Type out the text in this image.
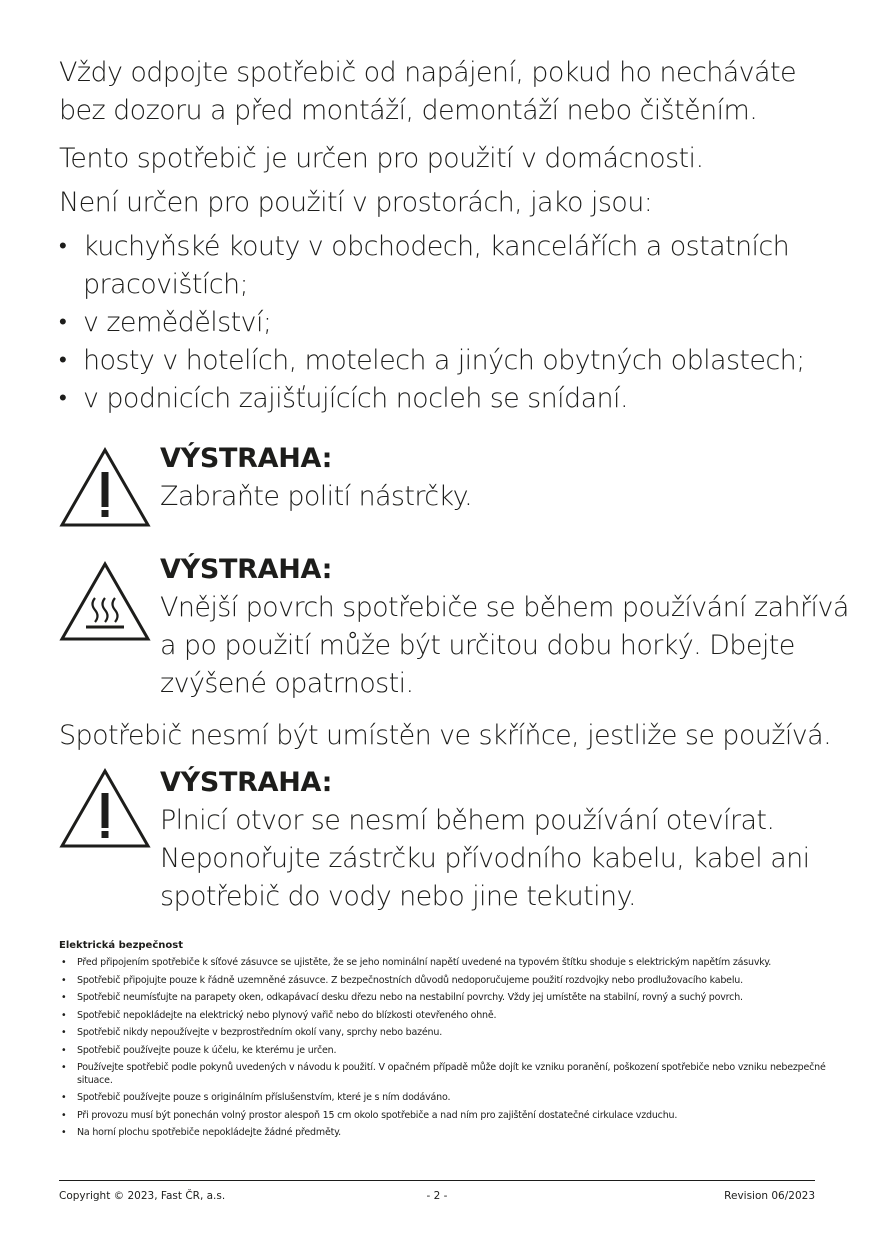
Vždy odpojte spotřebič od napájení, pokud ho necháváte bez dozoru a před montáží, demontáží nebo čištěním.
Tento spotřebič je určen pro použití v domácnosti.
Není určen pro použití v prostorách, jako jsou:
• kuchyňské kouty v obchodech, kancelářích a ostatních pracovištích;
• v zemědělství;
• hosty v hotelích, motelech a jiných obytných oblastech;
• v podnicích zajišťujících nocleh se snídaní.
VÝSTRAHA:
Zabraňte polití nástrčky.
VÝSTRAHA:
Vnější povrch spotřebiče se během používání zahřívá a po použití může být určitou dobu horký. Dbejte zvýšené opatrnosti.
Spotřebič nesmí být umístěn ve skříňce, jestliže se používá.
VÝSTRAHA:
Plnicí otvor se nesmí během používání otevírat. Neponořujte zástrčku přívodního kabelu, kabel ani spotřebič do vody nebo jine tekutiny.
Elektrická bezpečnost
• Před připojením spotřebiče k síťové zásuvce se ujistěte, že se jeho nominální napětí uvedené na typovém štítku shoduje s elektrickým napětím zásuvky.
• Spotřebič připojujte pouze k řádně uzemněné zásuvce. Z bezpečnostních důvodů nedoporučujeme použití rozdvojky nebo prodlužovacího kabelu.
• Spotřebič neumísťujte na parapety oken, odkapávací desku dřezu nebo na nestabilní povrchy. Vždy jej umístěte na stabilní, rovný a suchý povrch.
• Spotřebič nepokládejte na elektrický nebo plynový vařič nebo do blízkosti otevřeného ohně.
• Spotřebič nikdy nepoužívejte v bezprostředním okolí vany, sprchy nebo bazénu.
• Spotřebič používejte pouze k účelu, ke kterému je určen.
• Používejte spotřebič podle pokynů uvedených v návodu k použití. V opačném případě může dojít ke vzniku poranění, poškození spotřebiče nebo vzniku nebezpečné situace.
• Spotřebič používejte pouze s originálním příslušenstvím, které je s ním dodáváno.
• Při provozu musí být ponechán volný prostor alespoň 15 cm okolo spotřebiče a nad ním pro zajištění dostatečné cirkulace vzduchu.
• Na horní plochu spotřebiče nepokládejte žádné předměty.
Copyright © 2023, Fast ČR, a.s.	- 2 -	Revision 06/2023
